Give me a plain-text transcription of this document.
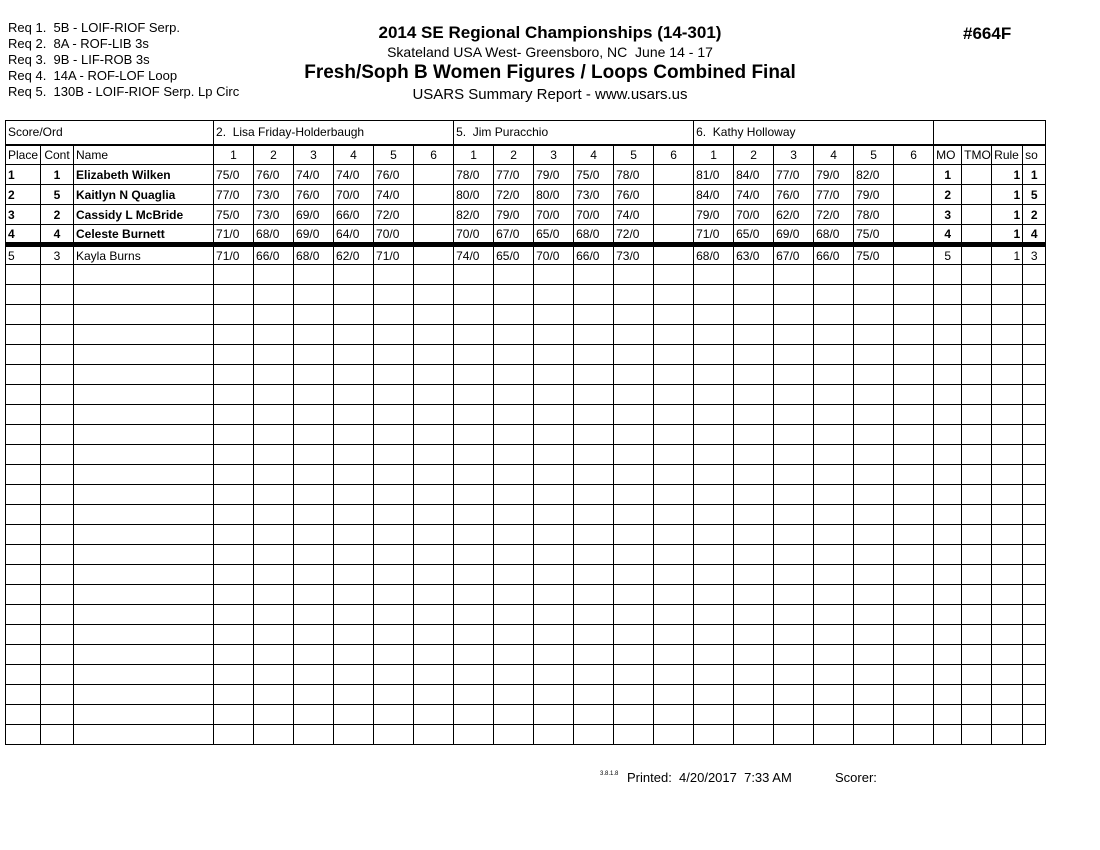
Req 1.  5B - LOIF-RIOF Serp.
Req 2.  8A - ROF-LIB 3s
Req 3.  9B - LIF-ROB 3s
Req 4.  14A - ROF-LOF Loop
Req 5.  130B - LOIF-RIOF Serp. Lp Circ
2014 SE Regional Championships (14-301)
Skateland USA West- Greensboro, NC  June 14 - 17
Fresh/Soph B Women Figures / Loops Combined Final
USARS Summary Report - www.usars.us
#664F
Score/Ord			2.  Lisa Friday-Holderbaugh						5.  Jim Puracchio						6.  Kathy Holloway									
Place	Cont	Name	1	2	3	4	5	6	1	2	3	4	5	6	1	2	3	4	5	6	MO	TMO	Rule	so
1	1	Elizabeth Wilken	75/0	76/0	74/0	74/0	76/0		78/0	77/0	79/0	75/0	78/0		81/0	84/0	77/0	79/0	82/0		1		1	1
2	5	Kaitlyn N Quaglia	77/0	73/0	76/0	70/0	74/0		80/0	72/0	80/0	73/0	76/0		84/0	74/0	76/0	77/0	79/0		2		1	5
3	2	Cassidy L McBride	75/0	73/0	69/0	66/0	72/0		82/0	79/0	70/0	70/0	74/0		79/0	70/0	62/0	72/0	78/0		3		1	2
4	4	Celeste Burnett	71/0	68/0	69/0	64/0	70/0		70/0	67/0	65/0	68/0	72/0		71/0	65/0	69/0	68/0	75/0		4		1	4
5	3	Kayla Burns	71/0	66/0	68/0	62/0	71/0		74/0	65/0	70/0	66/0	73/0		68/0	63/0	67/0	66/0	75/0		5		1	3

3.8.1.8 Printed:  4/20/2017  7:33 AM	Scorer:
